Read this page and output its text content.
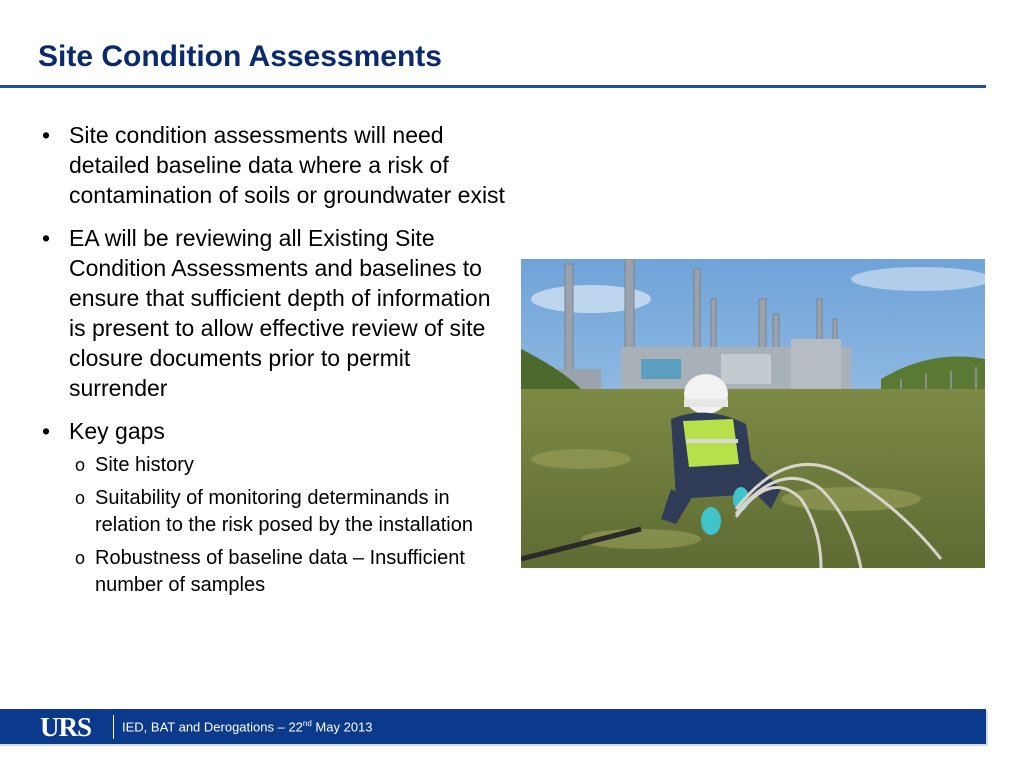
Site Condition Assessments
• Site condition assessments will need detailed baseline data where a risk of contamination of soils or groundwater exist
• EA will be reviewing all Existing Site Condition Assessments and baselines to ensure that sufficient depth of information is present to allow effective review of site closure documents prior to permit surrender
• Key gaps
o Site history
o Suitability of monitoring determinands in relation to the risk posed by the installation
o Robustness of baseline data – Insufficient number of samples
URS IED, BAT and Derogations – 22nd May 2013
